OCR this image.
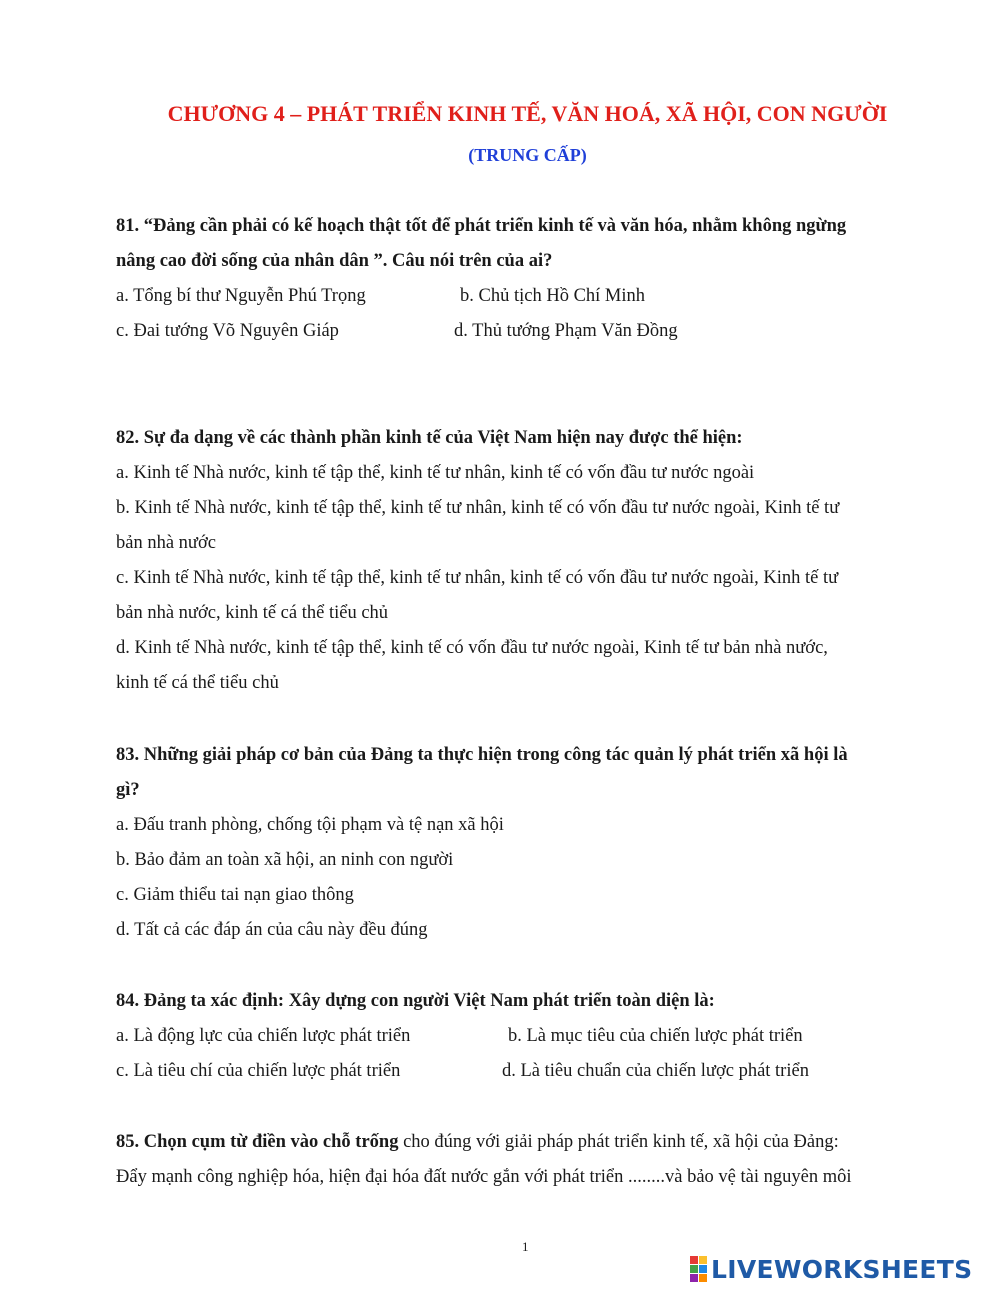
CHƯƠNG 4 – PHÁT TRIỂN KINH TẾ, VĂN HOÁ, XÃ HỘI, CON NGƯỜI
(TRUNG CẤP)
81. “Đảng cần phải có kế hoạch thật tốt để phát triển kinh tế và văn hóa, nhằm không ngừng
nâng cao đời sống của nhân dân ”. Câu nói trên của ai?
a. Tổng bí thư Nguyễn Phú Trọng	b. Chủ tịch Hồ Chí Minh
c. Đai tướng Võ Nguyên Giáp	d. Thủ tướng Phạm Văn Đồng
82. Sự đa dạng về các thành phần kinh tế của Việt Nam hiện nay được thể hiện:
a. Kinh tế Nhà nước, kinh tế tập thể, kinh tế tư nhân, kinh tế có vốn đầu tư nước ngoài
b. Kinh tế Nhà nước, kinh tế tập thể, kinh tế tư nhân, kinh tế có vốn đầu tư nước ngoài, Kinh tế tư
bản nhà nước
c. Kinh tế Nhà nước, kinh tế tập thể, kinh tế tư nhân, kinh tế có vốn đầu tư nước ngoài, Kinh tế tư
bản nhà nước, kinh tế cá thể tiểu chủ
d. Kinh tế Nhà nước, kinh tế tập thể, kinh tế có vốn đầu tư nước ngoài, Kinh tế tư bản nhà nước,
kinh tế cá thể tiểu chủ
83. Những giải pháp cơ bản của Đảng ta thực hiện trong công tác quản lý phát triển xã hội là
gì?
a. Đấu tranh phòng, chống tội phạm và tệ nạn xã hội
b. Bảo đảm an toàn xã hội, an ninh con người
c. Giảm thiểu tai nạn giao thông
d. Tất cả các đáp án của câu này đều đúng
84. Đảng ta xác định: Xây dựng con người Việt Nam phát triển toàn diện là:
a. Là động lực của chiến lược phát triển	b. Là mục tiêu của chiến lược phát triển
c. Là tiêu chí của chiến lược phát triển	d. Là tiêu chuẩn của chiến lược phát triển
85. Chọn cụm từ điền vào chỗ trống cho đúng với giải pháp phát triển kinh tế, xã hội của Đảng:
Đẩy mạnh công nghiệp hóa, hiện đại hóa đất nước gắn với phát triển ........và bảo vệ tài nguyên môi
1
LIVEWORKSHEETS
